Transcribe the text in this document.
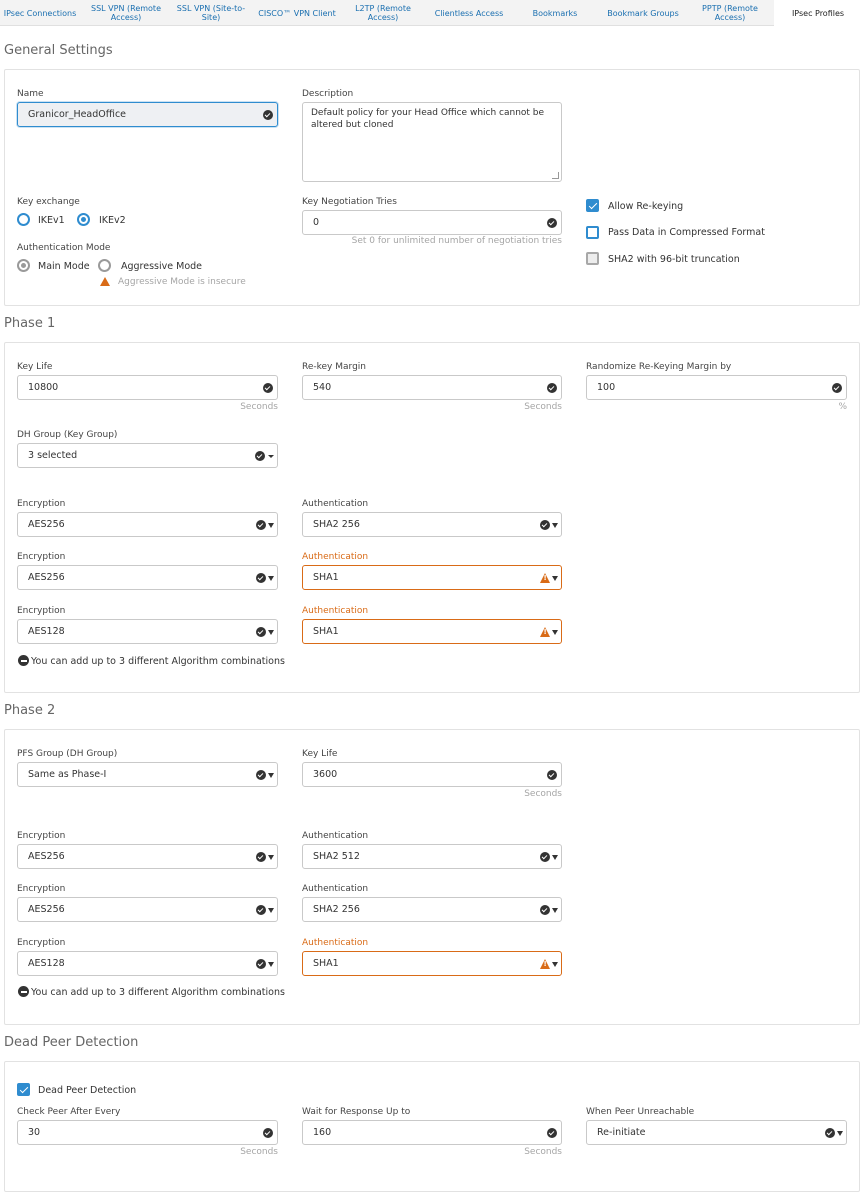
IPsec Connections	SSL VPN (Remote Access)
SSL VPN (Site-to-Site)	CISCO™ VPN Client	L2TP (Remote Access)	Clientless Access	Bookmarks	Bookmark Groups	PPTP (Remote Access)	IPsec Profiles
General Settings
Name
Granicor_HeadOffice
Description
Default policy for your Head Office which cannot be altered but cloned
Key exchange
IKEv1	IKEv2
Authentication Mode
Main Mode	Aggressive Mode
Aggressive Mode is insecure
Key Negotiation Tries
0
Set 0 for unlimited number of negotiation tries
Allow Re-keying
Pass Data in Compressed Format
SHA2 with 96-bit truncation
Phase 1
Key Life
10800
Seconds
Re-key Margin
540
Seconds
Randomize Re-Keying Margin by
100
%
DH Group (Key Group)
3 selected
Encryption
AES256
Authentication
SHA2 256
Encryption
AES256
Authentication
SHA1
!
Encryption
AES128
Authentication
SHA1
!
You can add up to 3 different Algorithm combinations
Phase 2
PFS Group (DH Group)
Same as Phase-I
Key Life
3600
Seconds
Encryption
AES256
Authentication
SHA2 512
Encryption
AES256
Authentication
SHA2 256
Encryption
AES128
Authentication
SHA1
!
You can add up to 3 different Algorithm combinations
Dead Peer Detection
Dead Peer Detection
Check Peer After Every
30
Seconds
Wait for Response Up to
160
Seconds
When Peer Unreachable
Re-initiate
